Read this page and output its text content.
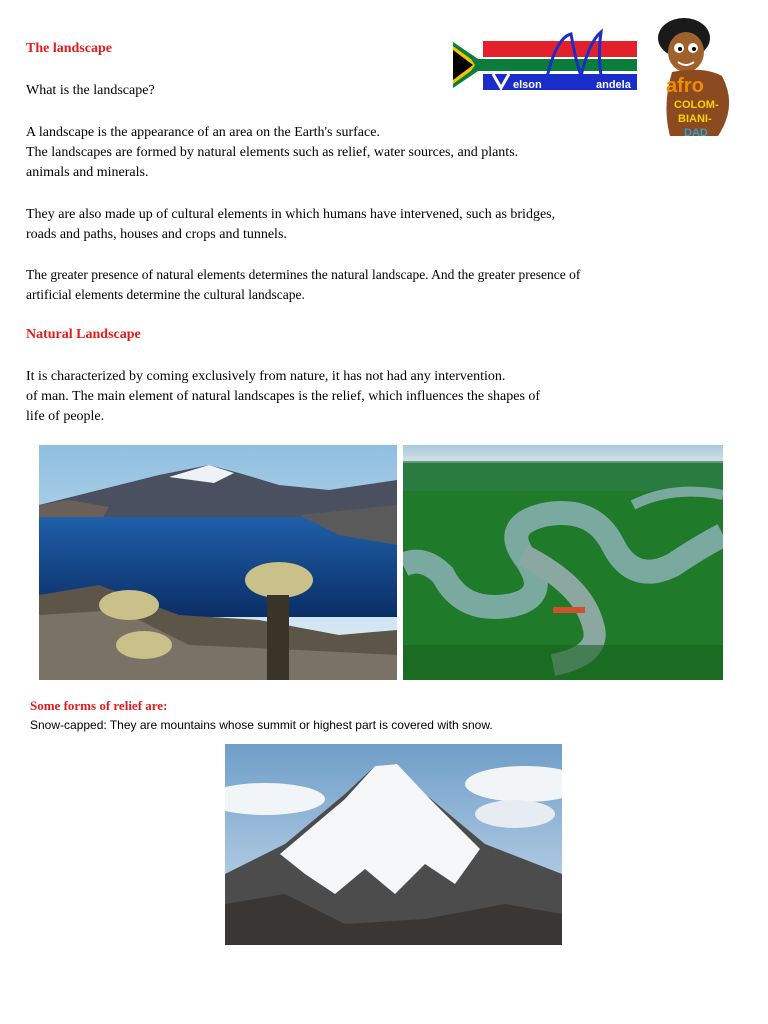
The landscape
What is the landscape?
A landscape is the appearance of an area on the Earth's surface.
The landscapes are formed by natural elements such as relief, water sources, and plants.
animals and minerals.
They are also made up of cultural elements in which humans have intervened, such as bridges,
roads and paths, houses and crops and tunnels.
The greater presence of natural elements determines the natural landscape. And the greater presence of
artificial elements determine the cultural landscape.
Natural Landscape
It is characterized by coming exclusively from nature, it has not had any intervention.
of man. The main element of natural landscapes is the relief, which influences the shapes of
life of people.
Some forms of relief are:
Snow-capped: They are mountains whose summit or highest part is covered with snow.
elson	andela afro
COLOM-
BIANI-
DAD
